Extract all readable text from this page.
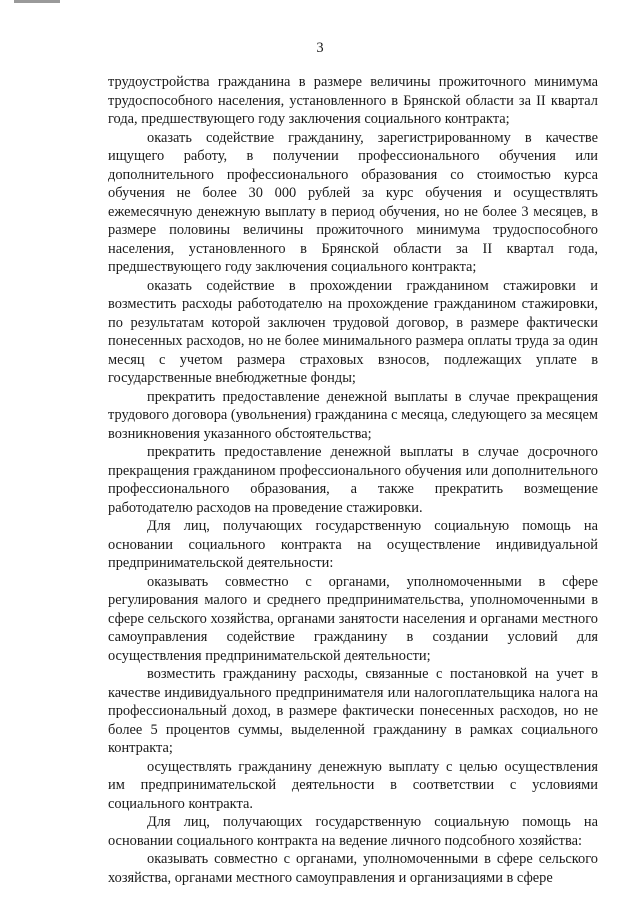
3

трудоустройства гражданина в размере величины прожиточного минимума трудоспособного населения, установленного в Брянской области за II квартал года, предшествующего году заключения социального контракта;

оказать содействие гражданину, зарегистрированному в качестве ищущего работу, в получении профессионального обучения или дополнительного профессионального образования со стоимостью курса обучения не более 30 000 рублей за курс обучения и осуществлять ежемесячную денежную выплату в период обучения, но не более 3 месяцев, в размере половины величины прожиточного минимума трудоспособного населения, установленного в Брянской области за II квартал года, предшествующего году заключения социального контракта;

оказать содействие в прохождении гражданином стажировки и возместить расходы работодателю на прохождение гражданином стажировки, по результатам которой заключен трудовой договор, в размере фактически понесенных расходов, но не более минимального размера оплаты труда за один месяц с учетом размера страховых взносов, подлежащих уплате в государственные внебюджетные фонды;

прекратить предоставление денежной выплаты в случае прекращения трудового договора (увольнения) гражданина с месяца, следующего за месяцем возникновения указанного обстоятельства;

прекратить предоставление денежной выплаты в случае досрочного прекращения гражданином профессионального обучения или дополнительного профессионального образования, а также прекратить возмещение работодателю расходов на проведение стажировки.

Для лиц, получающих государственную социальную помощь на основании социального контракта на осуществление индивидуальной предпринимательской деятельности:

оказывать совместно с органами, уполномоченными в сфере регулирования малого и среднего предпринимательства, уполномоченными в сфере сельского хозяйства, органами занятости населения и органами местного самоуправления содействие гражданину в создании условий для осуществления предпринимательской деятельности;

возместить гражданину расходы, связанные с постановкой на учет в качестве индивидуального предпринимателя или налогоплательщика налога на профессиональный доход, в размере фактически понесенных расходов, но не более 5 процентов суммы, выделенной гражданину в рамках социального контракта;

осуществлять гражданину денежную выплату с целью осуществления им предпринимательской деятельности в соответствии с условиями социального контракта.

Для лиц, получающих государственную социальную помощь на основании социального контракта на ведение личного подсобного хозяйства:

оказывать совместно с органами, уполномоченными в сфере сельского хозяйства, органами местного самоуправления и организациями в сфере
